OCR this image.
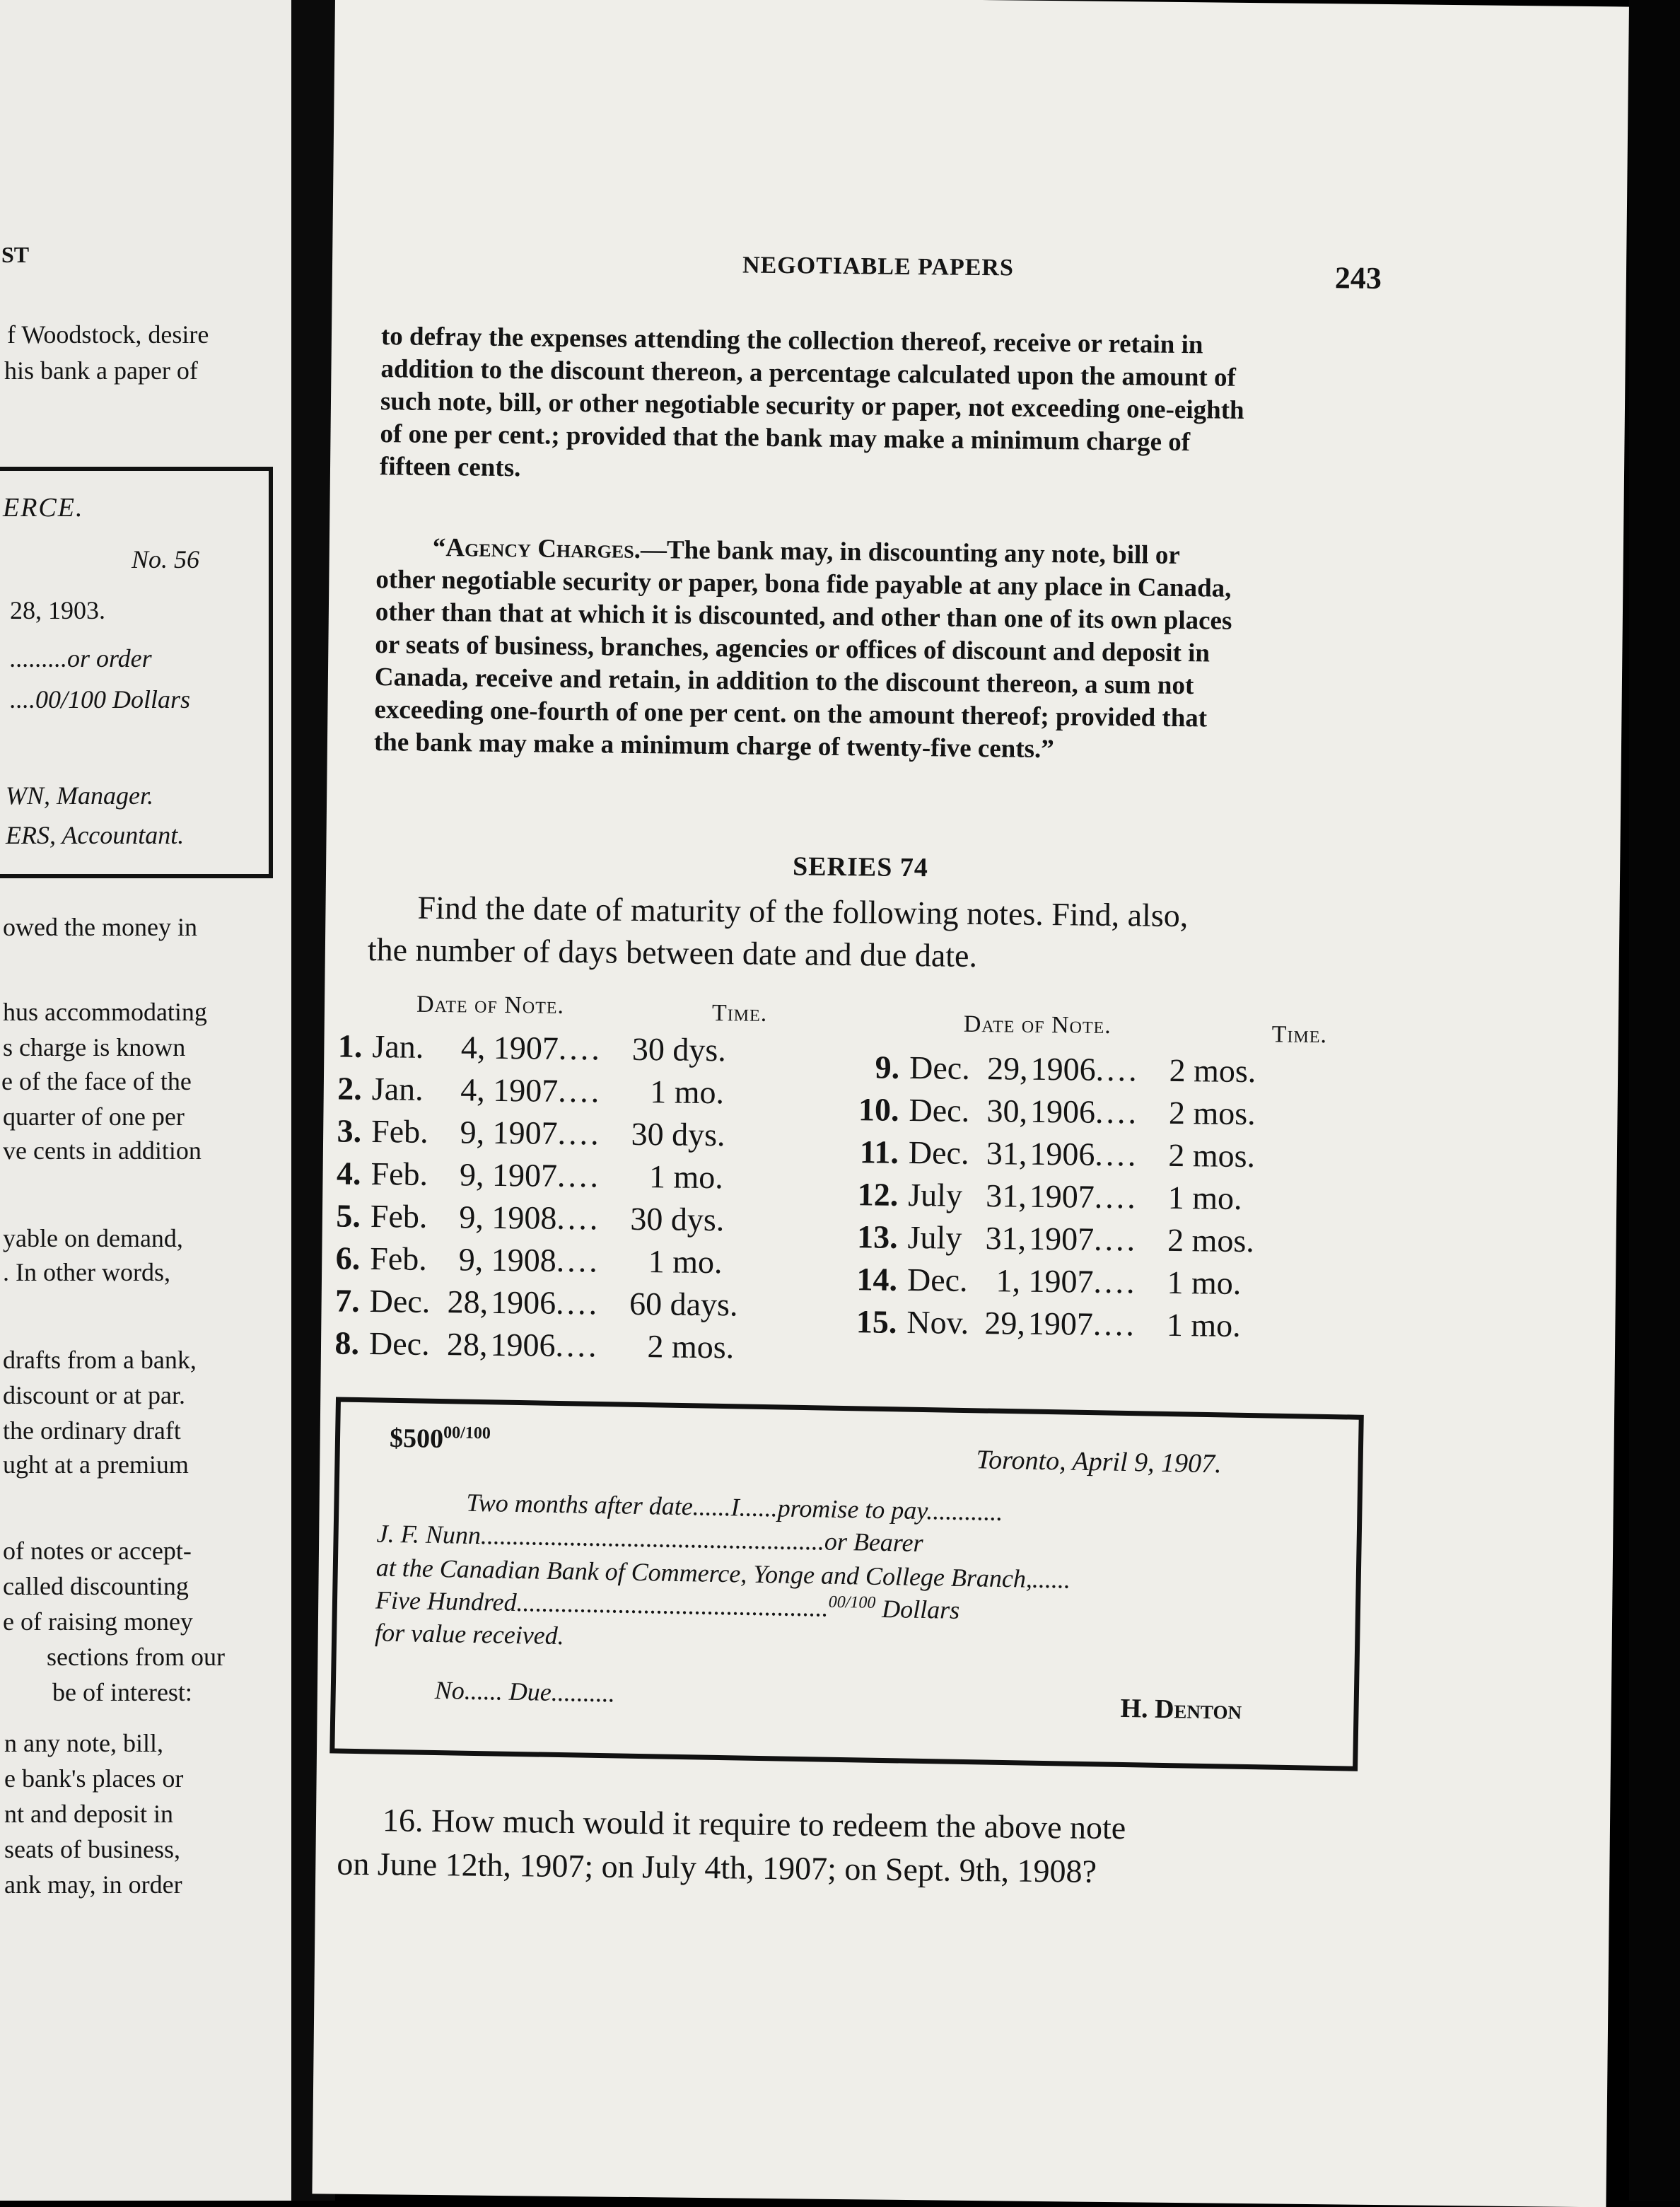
ST
f Woodstock, desire
his bank a paper of
ERCE.
No. 56
28, 1903.
.........or order
....00/100 Dollars
WN, Manager.
ERS, Accountant.
owed the money in
hus accommodating
s charge is known
e of the face of the
quarter of one per
ve cents in addition
yable on demand,
. In other words,
drafts from a bank,
discount or at par.
the ordinary draft
ught at a premium
of notes or accept-
called discounting
e of raising money
sections from our
be of interest:
n any note, bill,
e bank's places or
nt and deposit in
seats of business,
ank may, in order
NEGOTIABLE PAPERS	243
to defray the expenses attending the collection thereof, receive or retain in
addition to the discount thereon, a percentage calculated upon the amount of
such note, bill, or other negotiable security or paper, not exceeding one-eighth
of one per cent.; provided that the bank may make a minimum charge of
fifteen cents.
“Agency Charges.—The bank may, in discounting any note, bill or
other negotiable security or paper, bona fide payable at any place in Canada,
other than that at which it is discounted, and other than one of its own places
or seats of business, branches, agencies or offices of discount and deposit in
Canada, receive and retain, in addition to the discount thereon, a sum not
exceeding one-fourth of one per cent. on the amount thereof; provided that
the bank may make a minimum charge of twenty-five cents.”
SERIES 74
Find the date of maturity of the following notes. Find, also,
the number of days between date and due date.
Date of Note.	Time.	Date of Note.	Time.
1. Jan. 4, 1907.... 30 dys.
2. Jan. 4, 1907.... 1 mo.
3. Feb. 9, 1907.... 30 dys.
4. Feb. 9, 1907.... 1 mo.
5. Feb. 9, 1908.... 30 dys.
6. Feb. 9, 1908.... 1 mo.
7. Dec. 28, 1906.... 60 days.
8. Dec. 28, 1906.... 2 mos.
9. Dec. 29, 1906.... 2 mos.
10. Dec. 30, 1906.... 2 mos.
11. Dec. 31, 1906.... 2 mos.
12. July 31, 1907.... 1 mo.
13. July 31, 1907.... 2 mos.
14. Dec. 1, 1907.... 1 mo.
15. Nov. 29, 1907.... 1 mo.
$50000/100
Toronto, April 9, 1907.
Two months after date......I......promise to pay............
J. F. Nunn......................................................or Bearer
at the Canadian Bank of Commerce, Yonge and College Branch,......
Five Hundred.................................................00/100 Dollars
for value received.
No...... Due..........
H. Denton
16. How much would it require to redeem the above note
on June 12th, 1907; on July 4th, 1907; on Sept. 9th, 1908?
